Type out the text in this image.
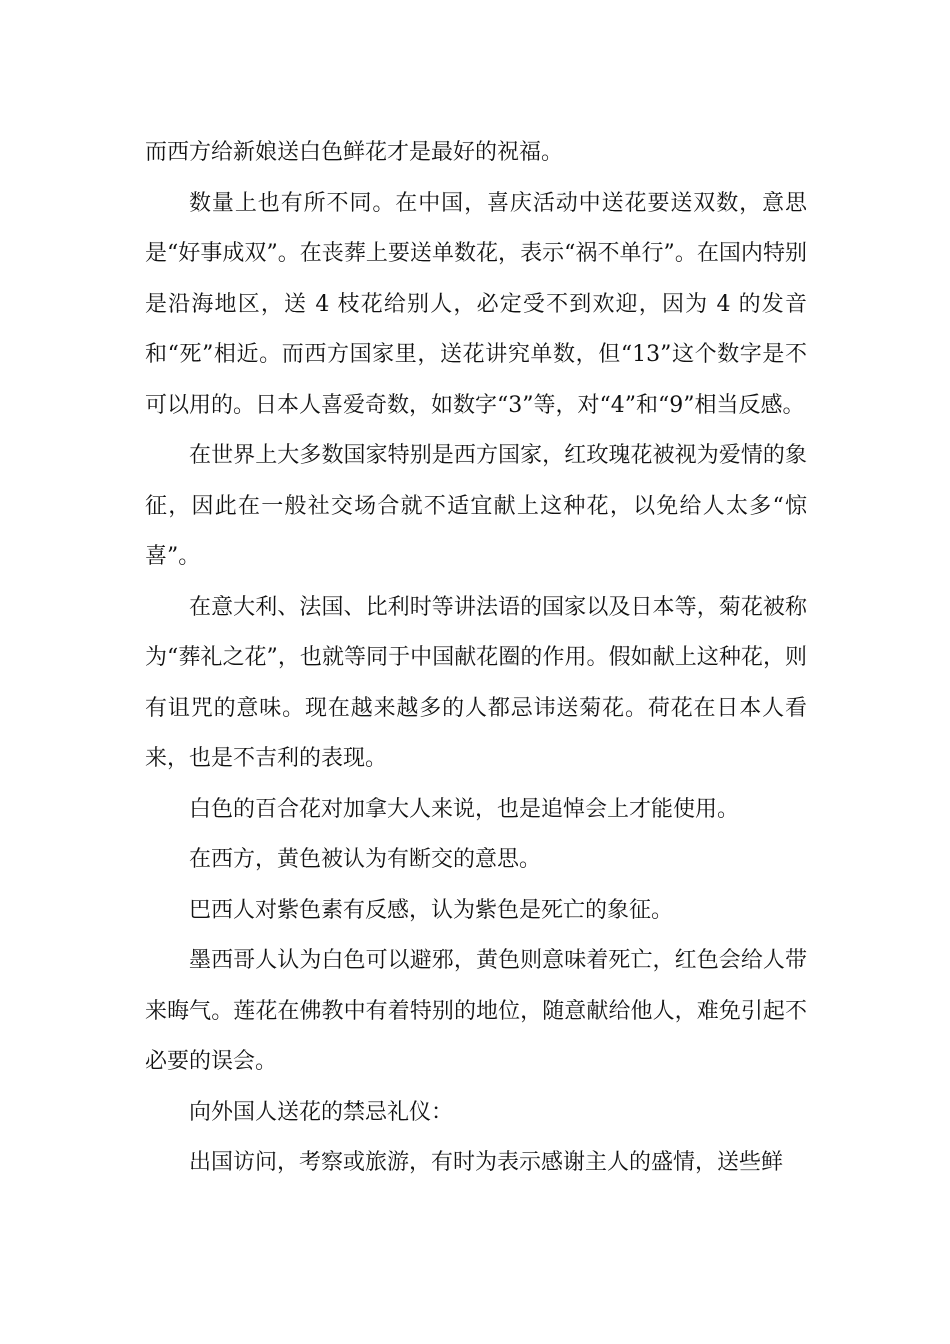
而西方给新娘送白色鲜花才是最好的祝福。

数量上也有所不同。在中国，喜庆活动中送花要送双数，意思是“好事成双”。在丧葬上要送单数花，表示“祸不单行”。在国内特别是沿海地区，送 4 枝花给别人，必定受不到欢迎，因为 4 的发音和“死”相近。而西方国家里，送花讲究单数，但“13”这个数字是不可以用的。日本人喜爱奇数，如数字“3”等，对“4”和“9”相当反感。

在世界上大多数国家特别是西方国家，红玫瑰花被视为爱情的象征，因此在一般社交场合就不适宜献上这种花，以免给人太多“惊喜”。

在意大利、法国、比利时等讲法语的国家以及日本等，菊花被称为“葬礼之花”，也就等同于中国献花圈的作用。假如献上这种花，则有诅咒的意味。现在越来越多的人都忌讳送菊花。荷花在日本人看来，也是不吉利的表现。

白色的百合花对加拿大人来说，也是追悼会上才能使用。

在西方，黄色被认为有断交的意思。

巴西人对紫色素有反感，认为紫色是死亡的象征。

墨西哥人认为白色可以避邪，黄色则意味着死亡，红色会给人带来晦气。莲花在佛教中有着特别的地位，随意献给他人，难免引起不必要的误会。

向外国人送花的禁忌礼仪：

出国访问，考察或旅游，有时为表示感谢主人的盛情，送些鲜
